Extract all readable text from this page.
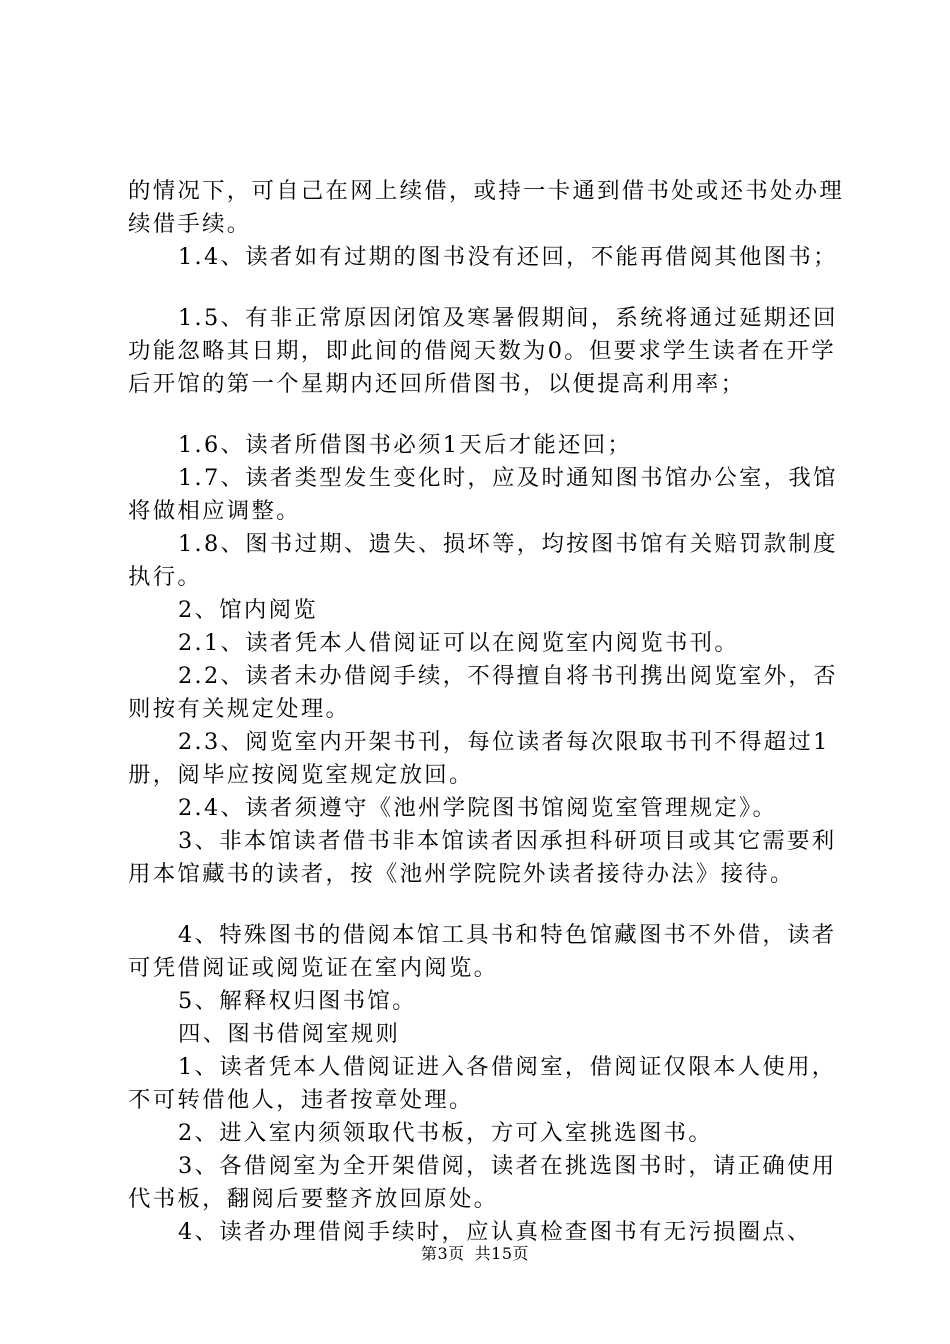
的情况下，可自己在网上续借，或持一卡通到借书处或还书处办理续借手续。

1.4、读者如有过期的图书没有还回，不能再借阅其他图书；

1.5、有非正常原因闭馆及寒暑假期间，系统将通过延期还回功能忽略其日期，即此间的借阅天数为0。但要求学生读者在开学后开馆的第一个星期内还回所借图书，以便提高利用率；

1.6、读者所借图书必须1天后才能还回；

1.7、读者类型发生变化时，应及时通知图书馆办公室，我馆将做相应调整。

1.8、图书过期、遗失、损坏等，均按图书馆有关赔罚款制度执行。

2、馆内阅览

2.1、读者凭本人借阅证可以在阅览室内阅览书刊。

2.2、读者未办借阅手续，不得擅自将书刊携出阅览室外，否则按有关规定处理。

2.3、阅览室内开架书刊，每位读者每次限取书刊不得超过1册，阅毕应按阅览室规定放回。

2.4、读者须遵守《池州学院图书馆阅览室管理规定》。

3、非本馆读者借书非本馆读者因承担科研项目或其它需要利用本馆藏书的读者，按《池州学院院外读者接待办法》接待。

4、特殊图书的借阅本馆工具书和特色馆藏图书不外借，读者可凭借阅证或阅览证在室内阅览。

5、解释权归图书馆。

四、图书借阅室规则

1、读者凭本人借阅证进入各借阅室，借阅证仅限本人使用，不可转借他人，违者按章处理。

2、进入室内须领取代书板，方可入室挑选图书。

3、各借阅室为全开架借阅，读者在挑选图书时，请正确使用代书板，翻阅后要整齐放回原处。

4、读者办理借阅手续时，应认真检查图书有无污损圈点、

第3页 共15页
